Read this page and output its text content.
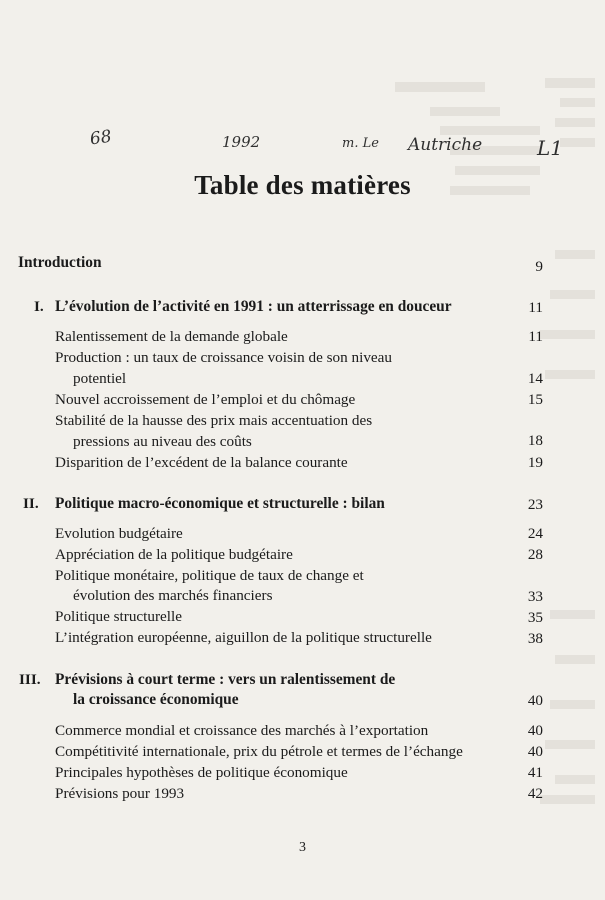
68	1992	m. Le Autriche	L1
Table des matières
Introduction	9
I. L’évolution de l’activité en 1991 : un atterrissage en douceur	11
Ralentissement de la demande globale	11
Production : un taux de croissance voisin de son niveau
potentiel	14
Nouvel accroissement de l’emploi et du chômage	15
Stabilité de la hausse des prix mais accentuation des
pressions au niveau des coûts	18
Disparition de l’excédent de la balance courante	19
II. Politique macro-économique et structurelle : bilan	23
Evolution budgétaire	24
Appréciation de la politique budgétaire	28
Politique monétaire, politique de taux de change et
évolution des marchés financiers	33
Politique structurelle	35
L’intégration européenne, aiguillon de la politique structurelle	38
III. Prévisions à court terme : vers un ralentissement de
la croissance économique	40
Commerce mondial et croissance des marchés à l’exportation	40
Compétitivité internationale, prix du pétrole et termes de l’échange	40
Principales hypothèses de politique économique	41
Prévisions pour 1993	42
3
